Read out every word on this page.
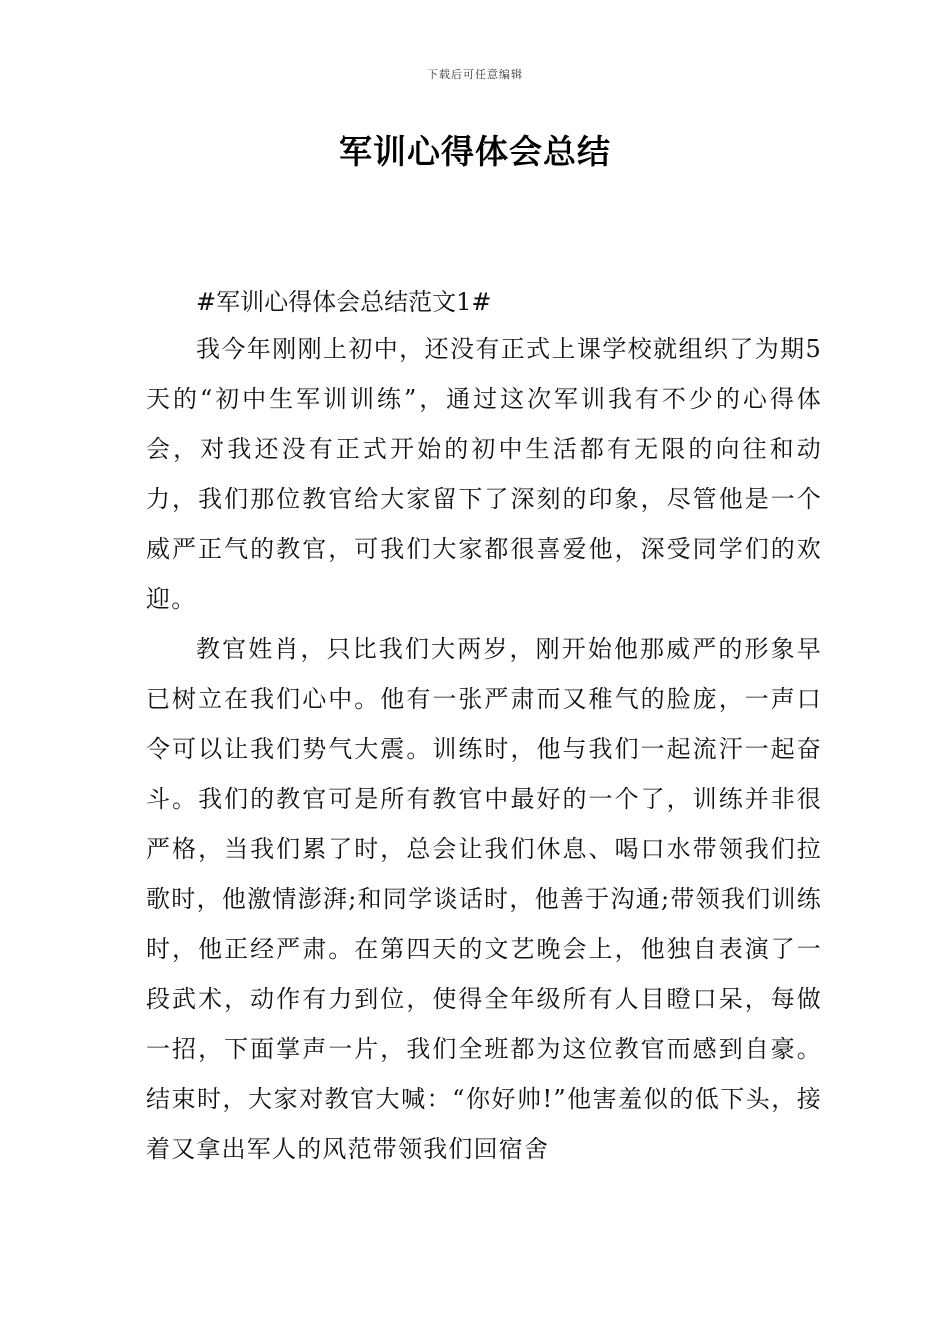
下载后可任意编辑
军训心得体会总结

#军训心得体会总结范文1#

我今年刚刚上初中，还没有正式上课学校就组织了为期5天的“初中生军训训练”，通过这次军训我有不少的心得体会，对我还没有正式开始的初中生活都有无限的向往和动力，我们那位教官给大家留下了深刻的印象，尽管他是一个威严正气的教官，可我们大家都很喜爱他，深受同学们的欢迎。

教官姓肖，只比我们大两岁，刚开始他那威严的形象早已树立在我们心中。他有一张严肃而又稚气的脸庞，一声口令可以让我们势气大震。训练时，他与我们一起流汗一起奋斗。我们的教官可是所有教官中最好的一个了，训练并非很严格，当我们累了时，总会让我们休息、喝口水带领我们拉歌时，他激情澎湃;和同学谈话时，他善于沟通;带领我们训练时，他正经严肃。在第四天的文艺晚会上，他独自表演了一段武术，动作有力到位，使得全年级所有人目瞪口呆，每做一招，下面掌声一片，我们全班都为这位教官而感到自豪。结束时，大家对教官大喊：“你好帅!”他害羞似的低下头，接着又拿出军人的风范带领我们回宿舍
